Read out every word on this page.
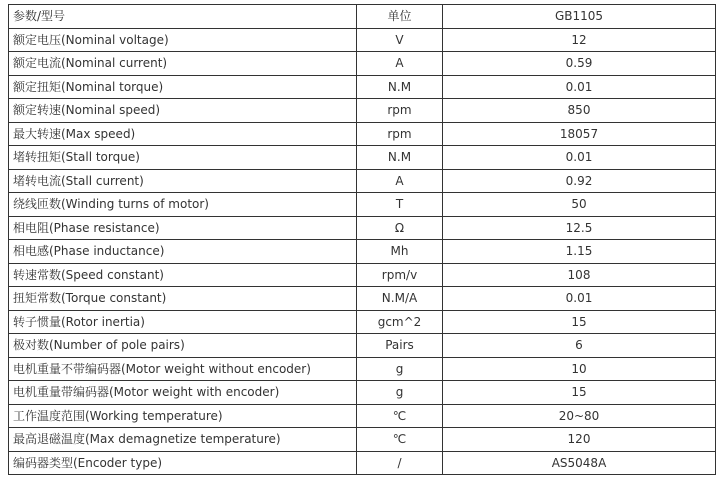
参数/型号	单位	GB1105
额定电压(Nominal voltage)	V	12
额定电流(Nominal current)	A	0.59
额定扭矩(Nominal torque)	N.M	0.01
额定转速(Nominal speed)	rpm	850
最大转速(Max speed)	rpm	18057
堵转扭矩(Stall torque)	N.M	0.01
堵转电流(Stall current)	A	0.92
绕线匝数(Winding turns of motor)	T	50
相电阻(Phase resistance)	Ω	12.5
相电感(Phase inductance)	Mh	1.15
转速常数(Speed constant)	rpm/v	108
扭矩常数(Torque constant)	N.M/A	0.01
转子惯量(Rotor inertia)	gcm^2	15
极对数(Number of pole pairs)	Pairs	6
电机重量不带编码器(Motor weight without encoder)	g	10
电机重量带编码器(Motor weight with encoder)	g	15
工作温度范围(Working temperature)	℃	20~80
最高退磁温度(Max demagnetize temperature)	℃	120
编码器类型(Encoder type)	/	AS5048A
